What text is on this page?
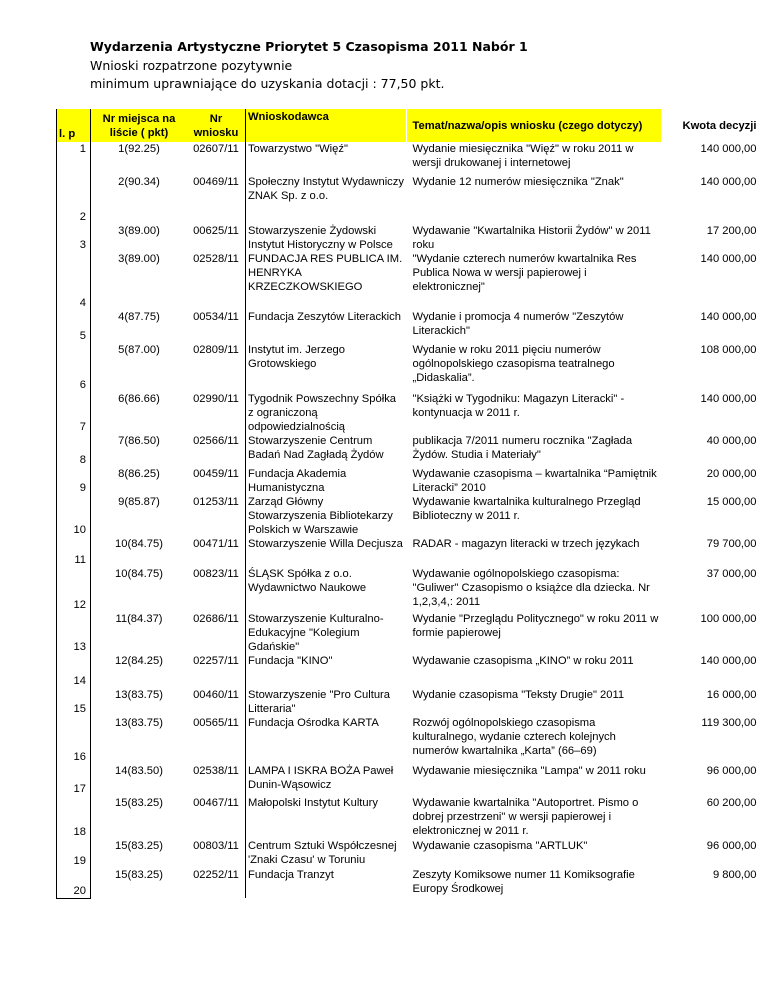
Wydarzenia Artystyczne Priorytet 5 Czasopisma 2011 Nabór 1
Wnioski rozpatrzone pozytywnie
minimum uprawniające do uzyskania dotacji : 77,50 pkt.
l. p	Nr miejsca na liście ( pkt)	Nr wniosku	Wnioskodawca	Temat/nazwa/opis wniosku (czego dotyczy)	Kwota decyzji
1	1(92.25)	02607/11	Towarzystwo "Więź"	Wydanie miesięcznika "Więź" w roku 2011 w wersji drukowanej i internetowej	140 000,00
2	2(90.34)	00469/11	Społeczny Instytut Wydawniczy ZNAK Sp. z o.o.	Wydanie 12 numerów miesięcznika "Znak"	140 000,00
3	3(89.00)	00625/11	Stowarzyszenie Żydowski Instytut Historyczny w Polsce	Wydawanie "Kwartalnika Historii Żydów" w 2011 roku	17 200,00
4	3(89.00)	02528/11	FUNDACJA RES PUBLICA IM. HENRYKA KRZECZKOWSKIEGO	"Wydanie czterech numerów kwartalnika Res Publica Nowa w wersji papierowej i elektronicznej"	140 000,00
5	4(87.75)	00534/11	Fundacja Zeszytów Literackich	Wydanie i promocja 4 numerów "Zeszytów Literackich"	140 000,00
6	5(87.00)	02809/11	Instytut im. Jerzego Grotowskiego	Wydanie w roku 2011 pięciu numerów ogólnopolskiego czasopisma teatralnego „Didaskalia”.	108 000,00
7	6(86.66)	02990/11	Tygodnik Powszechny Spółka z ograniczoną odpowiedzialnością	"Książki w Tygodniku: Magazyn Literacki" - kontynuacja w 2011 r.	140 000,00
8	7(86.50)	02566/11	Stowarzyszenie Centrum Badań Nad Zagładą Żydów	publikacja 7/2011 numeru rocznika "Zagłada Żydów. Studia i Materiały"	40 000,00
9	8(86.25)	00459/11	Fundacja Akademia Humanistyczna	Wydawanie czasopisma – kwartalnika “Pamiętnik Literacki” 2010	20 000,00
10	9(85.87)	01253/11	Zarząd Główny Stowarzyszenia Bibliotekarzy Polskich w Warszawie	Wydawanie kwartalnika kulturalnego Przegląd Biblioteczny w 2011 r.	15 000,00
11	10(84.75)	00471/11	Stowarzyszenie Willa Decjusza	RADAR - magazyn literacki w trzech językach	79 700,00
12	10(84.75)	00823/11	ŚLĄSK Spółka z o.o. Wydawnictwo Naukowe	Wydawanie ogólnopolskiego czasopisma: "Guliwer" Czasopismo o książce dla dziecka. Nr 1,2,3,4,: 2011	37 000,00
13	11(84.37)	02686/11	Stowarzyszenie Kulturalno-Edukacyjne "Kolegium Gdańskie"	Wydanie "Przeglądu Politycznego" w roku 2011 w formie papierowej	100 000,00
14	12(84.25)	02257/11	Fundacja "KINO"	Wydawanie czasopisma „KINO” w roku 2011	140 000,00
15	13(83.75)	00460/11	Stowarzyszenie "Pro Cultura Litteraria"	Wydanie czasopisma "Teksty Drugie" 2011	16 000,00
16	13(83.75)	00565/11	Fundacja Ośrodka KARTA	Rozwój ogólnopolskiego czasopisma kulturalnego, wydanie czterech kolejnych numerów kwartalnika „Karta” (66–69)	119 300,00
17	14(83.50)	02538/11	LAMPA I ISKRA BOŻA Paweł Dunin-Wąsowicz	Wydawanie miesięcznika "Lampa" w 2011 roku	96 000,00
18	15(83.25)	00467/11	Małopolski Instytut Kultury	Wydawanie kwartalnika "Autoportret. Pismo o dobrej przestrzeni" w wersji papierowej i elektronicznej w 2011 r.	60 200,00
19	15(83.25)	00803/11	Centrum Sztuki Współczesnej 'Znaki Czasu' w Toruniu	Wydawanie czasopisma "ARTLUK"	96 000,00
20	15(83.25)	02252/11	Fundacja Tranzyt	Zeszyty Komiksowe numer 11 Komiksografie Europy Środkowej	9 800,00
